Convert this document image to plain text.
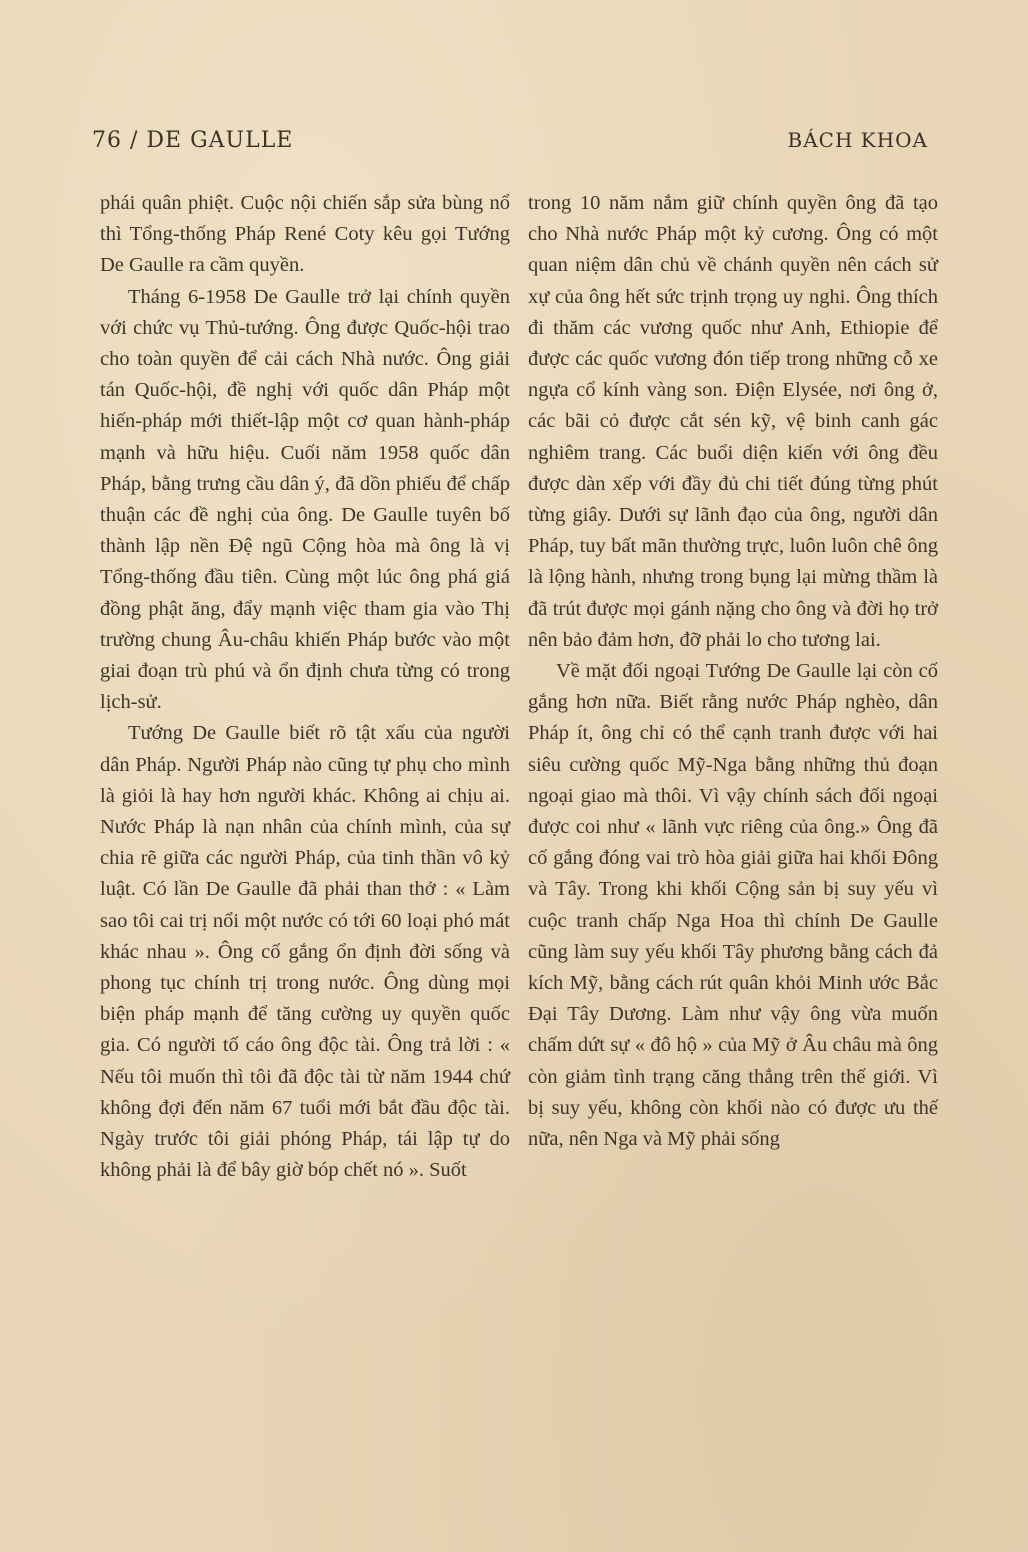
76 / DE GAULLE	BÁCH KHOA

phái quân phiệt. Cuộc nội chiến sắp sửa bùng nổ thì Tổng-thống Pháp René Coty kêu gọi Tướng De Gaulle ra cầm quyền.

Tháng 6-1958 De Gaulle trở lại chính quyền với chức vụ Thủ-tướng. Ông được Quốc-hội trao cho toàn quyền để cải cách Nhà nước. Ông giải tán Quốc-hội, đề nghị với quốc dân Pháp một hiến-pháp mới thiết-lập một cơ quan hành-pháp mạnh và hữu hiệu. Cuối năm 1958 quốc dân Pháp, bằng trưng cầu dân ý, đã dồn phiếu để chấp thuận các đề nghị của ông. De Gaulle tuyên bố thành lập nền Đệ ngũ Cộng hòa mà ông là vị Tổng-thống đầu tiên. Cùng một lúc ông phá giá đồng phật ăng, đẩy mạnh việc tham gia vào Thị trường chung Âu-châu khiến Pháp bước vào một giai đoạn trù phú và ổn định chưa từng có trong lịch-sử.

Tướng De Gaulle biết rõ tật xấu của người dân Pháp. Người Pháp nào cũng tự phụ cho mình là giỏi là hay hơn người khác. Không ai chịu ai. Nước Pháp là nạn nhân của chính mình, của sự chia rẽ giữa các người Pháp, của tinh thần vô kỷ luật. Có lần De Gaulle đã phải than thở : « Làm sao tôi cai trị nổi một nước có tới 60 loại phó mát khác nhau ». Ông cố gắng ổn định đời sống và phong tục chính trị trong nước. Ông dùng mọi biện pháp mạnh để tăng cường uy quyền quốc gia. Có người tố cáo ông độc tài. Ông trả lời : « Nếu tôi muốn thì tôi đã độc tài từ năm 1944 chứ không đợi đến năm 67 tuổi mới bắt đầu độc tài. Ngày trước tôi giải phóng Pháp, tái lập tự do không phải là để bây giờ bóp chết nó ». Suốt

trong 10 năm nắm giữ chính quyền ông đã tạo cho Nhà nước Pháp một kỷ cương. Ông có một quan niệm dân chủ về chánh quyền nên cách sử xự của ông hết sức trịnh trọng uy nghi. Ông thích đi thăm các vương quốc như Anh, Ethiopie để được các quốc vương đón tiếp trong những cỗ xe ngựa cổ kính vàng son. Điện Elysée, nơi ông ở, các bãi cỏ được cắt sén kỹ, vệ binh canh gác nghiêm trang. Các buổi diện kiến với ông đều được dàn xếp với đầy đủ chi tiết đúng từng phút từng giây. Dưới sự lãnh đạo của ông, người dân Pháp, tuy bất mãn thường trực, luôn luôn chê ông là lộng hành, nhưng trong bụng lại mừng thầm là đã trút được mọi gánh nặng cho ông và đời họ trở nên bảo đảm hơn, đỡ phải lo cho tương lai.

Về mặt đối ngoại Tướng De Gaulle lại còn cố gắng hơn nữa. Biết rằng nước Pháp nghèo, dân Pháp ít, ông chỉ có thể cạnh tranh được với hai siêu cường quốc Mỹ-Nga bằng những thủ đoạn ngoại giao mà thôi. Vì vậy chính sách đối ngoại được coi như « lãnh vực riêng của ông.» Ông đã cố gắng đóng vai trò hòa giải giữa hai khối Đông và Tây. Trong khi khối Cộng sản bị suy yếu vì cuộc tranh chấp Nga Hoa thì chính De Gaulle cũng làm suy yếu khối Tây phương bằng cách đả kích Mỹ, bằng cách rút quân khỏi Minh ước Bắc Đại Tây Dương. Làm như vậy ông vừa muốn chấm dứt sự « đô hộ » của Mỹ ở Âu châu mà ông còn giảm tình trạng căng thẳng trên thế giới. Vì bị suy yếu, không còn khối nào có được ưu thế nữa, nên Nga và Mỹ phải sống
